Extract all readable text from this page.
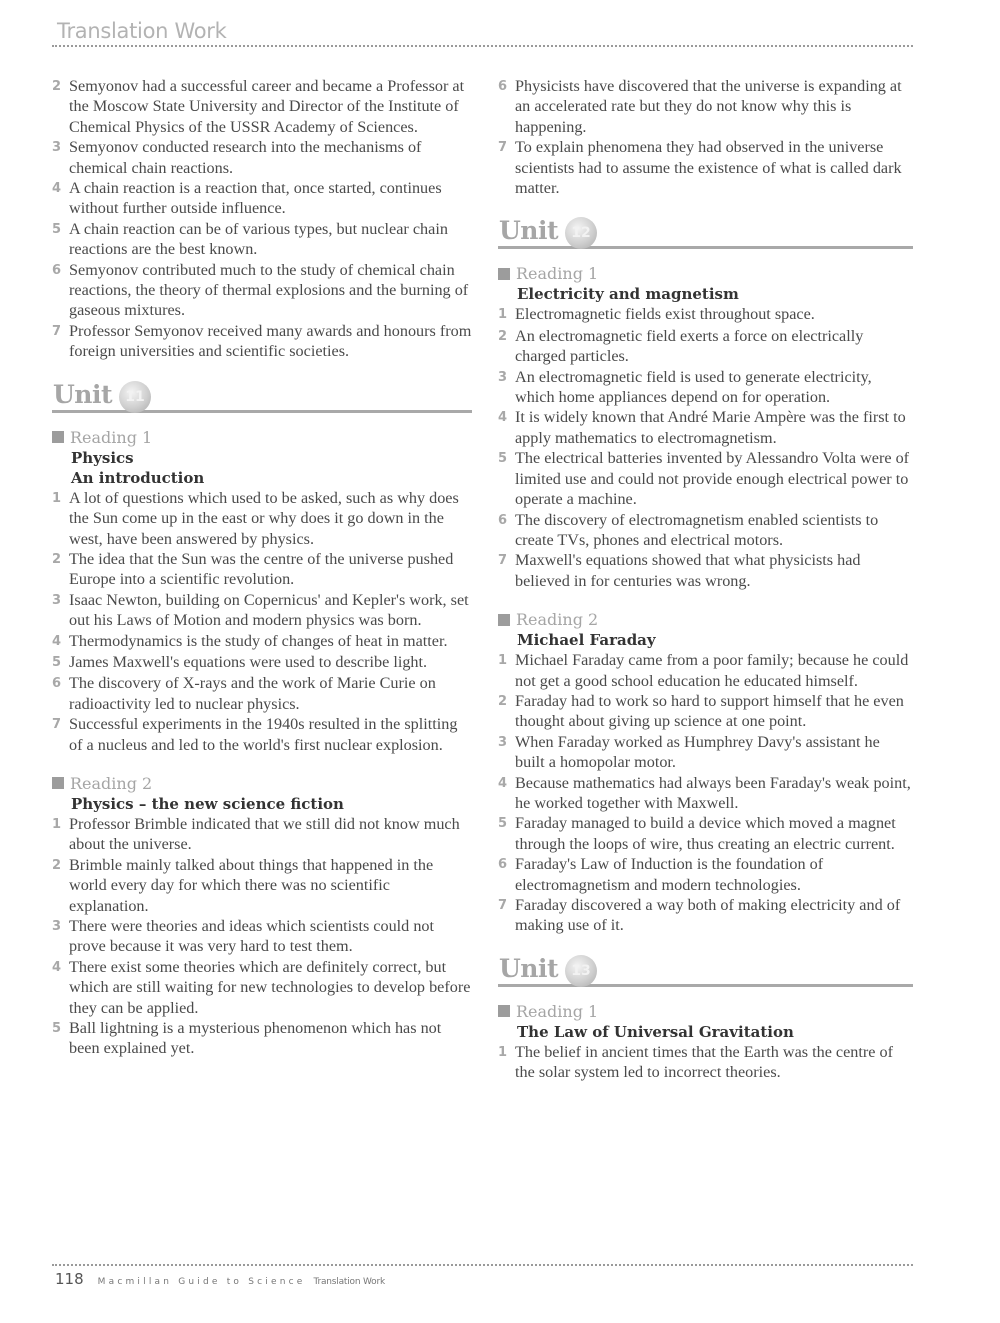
Translation Work
2 Semyonov had a successful career and became a Professor at the Moscow State University and Director of the Institute of Chemical Physics of the USSR Academy of Sciences.
3 Semyonov conducted research into the mechanisms of chemical chain reactions.
4 A chain reaction is a reaction that, once started, continues without further outside influence.
5 A chain reaction can be of various types, but nuclear chain reactions are the best known.
6 Semyonov contributed much to the study of chemical chain reactions, the theory of thermal explosions and the burning of gaseous mixtures.
7 Professor Semyonov received many awards and honours from foreign universities and scientific societies.
Unit 11
Reading 1
Physics
An introduction
1 A lot of questions which used to be asked, such as why does the Sun come up in the east or why does it go down in the west, have been answered by physics.
2 The idea that the Sun was the centre of the universe pushed Europe into a scientific revolution.
3 Isaac Newton, building on Copernicus' and Kepler's work, set out his Laws of Motion and modern physics was born.
4 Thermodynamics is the study of changes of heat in matter.
5 James Maxwell's equations were used to describe light.
6 The discovery of X-rays and the work of Marie Curie on radioactivity led to nuclear physics.
7 Successful experiments in the 1940s resulted in the splitting of a nucleus and led to the world's first nuclear explosion.
Reading 2
Physics – the new science fiction
1 Professor Brimble indicated that we still did not know much about the universe.
2 Brimble mainly talked about things that happened in the world every day for which there was no scientific explanation.
3 There were theories and ideas which scientists could not prove because it was very hard to test them.
4 There exist some theories which are definitely correct, but which are still waiting for new technologies to develop before they can be applied.
5 Ball lightning is a mysterious phenomenon which has not been explained yet.
6 Physicists have discovered that the universe is expanding at an accelerated rate but they do not know why this is happening.
7 To explain phenomena they had observed in the universe scientists had to assume the existence of what is called dark matter.
Unit 12
Reading 1
Electricity and magnetism
1 Electromagnetic fields exist throughout space.
2 An electromagnetic field exerts a force on electrically charged particles.
3 An electromagnetic field is used to generate electricity, which home appliances depend on for operation.
4 It is widely known that André Marie Ampère was the first to apply mathematics to electromagnetism.
5 The electrical batteries invented by Alessandro Volta were of limited use and could not provide enough electrical power to operate a machine.
6 The discovery of electromagnetism enabled scientists to create TVs, phones and electrical motors.
7 Maxwell's equations showed that what physicists had believed in for centuries was wrong.
Reading 2
Michael Faraday
1 Michael Faraday came from a poor family; because he could not get a good school education he educated himself.
2 Faraday had to work so hard to support himself that he even thought about giving up science at one point.
3 When Faraday worked as Humphrey Davy's assistant he built a homopolar motor.
4 Because mathematics had always been Faraday's weak point, he worked together with Maxwell.
5 Faraday managed to build a device which moved a magnet through the loops of wire, thus creating an electric current.
6 Faraday's Law of Induction is the foundation of electromagnetism and modern technologies.
7 Faraday discovered a way both of making electricity and of making use of it.
Unit 13
Reading 1
The Law of Universal Gravitation
1 The belief in ancient times that the Earth was the centre of the solar system led to incorrect theories.
118 Macmillan Guide to Science Translation Work
